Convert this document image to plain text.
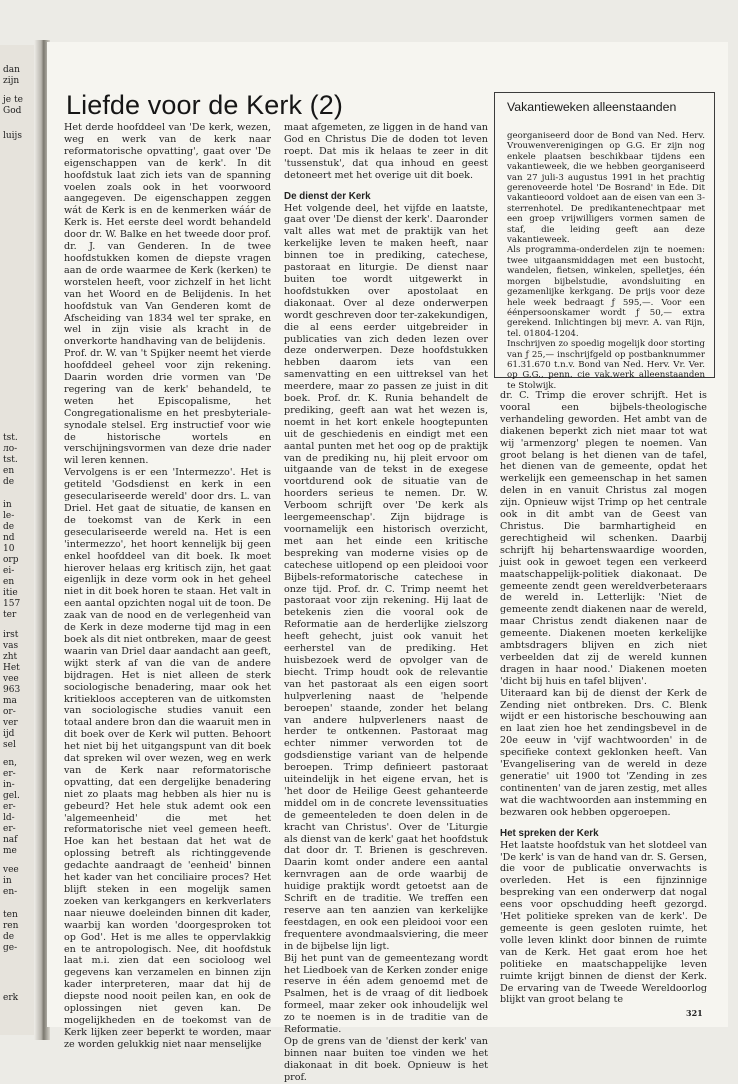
dan
zijn
je te
God
luijs
tst.
ло-
tst.
en
de
in
le-
de
nd
10
orp
ei-
en
itie
157
ter
irst
vas
zht
Het
vee
963
ma
or-
ver
ijd
sel
en,
er-
in-
gel.
er-
ld-
er-
naf
me
vee
in
en-
ten
ren
de
ge-
erk
Liefde voor de Kerk (2)

Het derde hoofddeel van 'De kerk, wezen, weg en werk van de kerk naar reformatorische opvatting', gaat over 'De eigenschappen van de kerk'. In dit hoofdstuk laat zich iets van de spanning voelen zoals ook in het voorwoord aangegeven. De eigenschappen zeggen wát de Kerk is en de kenmerken wáár de Kerk is. Het eerste deel wordt behandeld door dr. W. Balke en het tweede door prof. dr. J. van Genderen. In de twee hoofdstukken komen de diepste vragen aan de orde waarmee de Kerk (kerken) te worstelen heeft, voor zichzelf in het licht van het Woord en de Belijdenis. In het hoofdstuk van Van Genderen komt de Afscheiding van 1834 wel ter sprake, en wel in zijn visie als kracht in de onverkorte handhaving van de belijdenis.

Prof. dr. W. van 't Spijker neemt het vierde hoofddeel geheel voor zijn rekening. Daarin worden drie vormen van 'De regering van de kerk' behandeld, te weten het Episcopalisme, het Congregationalisme en het presbyteriale-synodale stelsel. Erg instructief voor wie de historische wortels en verschijningsvormen van deze drie nader wil leren kennen.

Vervolgens is er een 'Intermezzo'. Het is getiteld 'Godsdienst en kerk in een geseculariseerde wereld' door drs. L. van Driel. Het gaat de situatie, de kansen en de toekomst van de Kerk in een geseculariseerde wereld na. Het is een 'intermezzo', het hoort kennelijk bij geen enkel hoofddeel van dit boek. Ik moet hierover helaas erg kritisch zijn, het gaat eigenlijk in deze vorm ook in het geheel niet in dit boek horen te staan. Het valt in een aantal opzichten nogal uit de toon. De zaak van de nood en de verlegenheid van de Kerk in deze moderne tijd mag in een boek als dit niet ontbreken, maar de geest waarin van Driel daar aandacht aan geeft, wijkt sterk af van die van de andere bijdragen. Het is niet alleen de sterk sociologische benadering, maar ook het kritiekloos accepteren van de uitkomsten van sociologische studies vanuit een totaal andere bron dan die waaruit men in dit boek over de Kerk wil putten. Behoort het niet bij het uitgangspunt van dit boek dat spreken wil over wezen, weg en werk van de Kerk naar reformatorische opvatting, dat een dergelijke benadering niet zo plaats mag hebben als hier nu is gebeurd? Het hele stuk ademt ook een 'algemeenheid' die met het reformatorische niet veel gemeen heeft. Hoe kan het bestaan dat het wat de oplossing betreft als richtinggevende gedachte aandraagt de 'eenheid' binnen het kader van het conciliaire proces? Het blijft steken in een mogelijk samen zoeken van kerkgangers en kerkverlaters naar nieuwe doeleinden binnen dit kader, waarbij kan worden 'doorgesproken tot op God'. Het is me alles te oppervlakkig en te antropologisch. Nee, dit hoofdstuk laat m.i. zien dat een socioloog wel gegevens kan verzamelen en binnen zijn kader interpreteren, maar dat hij de diepste nood nooit peilen kan, en ook de oplossingen niet geven kan. De mogelijkheden en de toekomst van de Kerk lijken zeer beperkt te worden, maar ze worden gelukkig niet naar menselijke

maat afgemeten, ze liggen in de hand van God en Christus Die de doden tot leven roept. Dat mis ik helaas te zeer in dit 'tussenstuk', dat qua inhoud en geest detoneert met het overige uit dit boek.

De dienst der Kerk

Het volgende deel, het vijfde en laatste, gaat over 'De dienst der kerk'. Daaronder valt alles wat met de praktijk van het kerkelijke leven te maken heeft, naar binnen toe in prediking, catechese, pastoraat en liturgie. De dienst naar buiten toe wordt uitgewerkt in hoofdstukken over apostolaat en diakonaat. Over al deze onderwerpen wordt geschreven door ter-zakekundigen, die al eens eerder uitgebreider in publicaties van zich deden lezen over deze onderwerpen. Deze hoofdstukken hebben daarom iets van een samenvatting en een uittreksel van het meerdere, maar zo passen ze juist in dit boek. Prof. dr. K. Runia behandelt de prediking, geeft aan wat het wezen is, noemt in het kort enkele hoogtepunten uit de geschiedenis en eindigt met een aantal punten met het oog op de praktijk van de prediking nu, hij pleit ervoor om uitgaande van de tekst in de exegese voortdurend ook de situatie van de hoorders serieus te nemen. Dr. W. Verboom schrijft over 'De kerk als leergemeenschap'. Zijn bijdrage is voornamelijk een historisch overzicht, met aan het einde een kritische bespreking van moderne visies op de catechese uitlopend op een pleidooi voor Bijbels-reformatorische catechese in onze tijd. Prof. dr. C. Trimp neemt het pastoraat voor zijn rekening. Hij laat de betekenis zien die vooral ook de Reformatie aan de herderlijke zielszorg heeft gehecht, juist ook vanuit het eerherstel van de prediking. Het huisbezoek werd de opvolger van de biecht. Trimp houdt ook de relevantie van het pastoraat als een eigen soort hulpverlening naast de 'helpende beroepen' staande, zonder het belang van andere hulpverleners naast de herder te ontkennen. Pastoraat mag echter nimmer verworden tot de godsdienstige variant van de helpende beroepen. Trimp definieert pastoraat uiteindelijk in het eigene ervan, het is 'het door de Heilige Geest gehanteerde middel om in de concrete levenssituaties de gemeenteleden te doen delen in de kracht van Christus'. Over de 'Liturgie als dienst van de kerk' gaat het hoofdstuk dat door dr. T. Brienen is geschreven. Daarin komt onder andere een aantal kernvragen aan de orde waarbij de huidige praktijk wordt getoetst aan de Schrift en de traditie. We treffen een reserve aan ten aanzien van kerkelijke feestdagen, en ook een pleidooi voor een frequentere avondmaalsviering, die meer in de bijbelse lijn ligt.

Bij het punt van de gemeentezang wordt het Liedboek van de Kerken zonder enige reserve in één adem genoemd met de Psalmen, het is de vraag of dit liedboek formeel, maar zeker ook inhoudelijk wel zo te noemen is in de traditie van de Reformatie.

Op de grens van de 'dienst der kerk' van binnen naar buiten toe vinden we het diakonaat in dit boek. Opnieuw is het prof.

Vakantieweken alleenstaanden

georganiseerd door de Bond van Ned. Herv. Vrouwenverenigingen op G.G. Er zijn nog enkele plaatsen beschikbaar tijdens een vakantieweek, die we hebben georganiseerd van 27 juli-3 augustus 1991 in het prachtig gerenoveerde hotel 'De Bosrand' in Ede. Dit vakantieoord voldoet aan de eisen van een 3-sterrenhotel. De predikantenechtpaar met een groep vrijwilligers vormen samen de staf, die leiding geeft aan deze vakantieweek.

Als programma-onderdelen zijn te noemen: twee uitgaansmiddagen met een bustocht, wandelen, fietsen, winkelen, spelletjes, één morgen bijbelstudie, avondsluiting en gezamenlijke kerkgang. De prijs voor deze hele week bedraagt ƒ 595,—. Voor een éénpersoonskamer wordt ƒ 50,— extra gerekend. Inlichtingen bij mevr. A. van Rijn, tel. 01804-1204.

Inschrijven zo spoedig mogelijk door storting van ƒ 25,— inschrijfgeld op postbanknummer 61.31.670 t.n.v. Bond van Ned. Herv. Vr. Ver. op G.G., penn. cie vak.werk alleenstaanden te Stolwijk.

dr. C. Trimp die erover schrijft. Het is vooral een bijbels-theologische verhandeling geworden. Het ambt van de diakenen beperkt zich niet maar tot wat wij 'armenzorg' plegen te noemen. Van groot belang is het dienen van de tafel, het dienen van de gemeente, opdat het werkelijk een gemeenschap in het samen delen in en vanuit Christus zal mogen zijn. Opnieuw wijst Trimp op het centrale ook in dit ambt van de Geest van Christus. Die barmhartigheid en gerechtigheid wil schenken. Daarbij schrijft hij behartenswaardige woorden, juist ook in gewoet tegen een verkeerd maatschappelijk-politiek diakonaat. De gemeente zendt geen wereldverbeteraars de wereld in. Letterlijk: 'Niet de gemeente zendt diakenen naar de wereld, maar Christus zendt diakenen naar de gemeente. Diakenen moeten kerkelijke ambtsdragers blijven en zich niet verbeelden dat zij de wereld kunnen dragen in haar nood.' Diakenen moeten 'dicht bij huis en tafel blijven'.

Uiteraard kan bij de dienst der Kerk de Zending niet ontbreken. Drs. C. Blenk wijdt er een historische beschouwing aan en laat zien hoe het zendingsbevel in de 20e eeuw in 'vijf wachtwoorden' in de specifieke context geklonken heeft. Van 'Evangelisering van de wereld in deze generatie' uit 1900 tot 'Zending in zes continenten' van de jaren zestig, met alles wat die wachtwoorden aan instemming en bezwaren ook hebben opgeroepen.

Het spreken der Kerk

Het laatste hoofdstuk van het slotdeel van 'De kerk' is van de hand van dr. S. Gersen, die voor de publicatie onverwachts is overleden. Het is een fijnzinnige bespreking van een onderwerp dat nogal eens voor opschudding heeft gezorgd. 'Het politieke spreken van de kerk'. De gemeente is geen gesloten ruimte, het volle leven klinkt door binnen de ruimte van de Kerk. Het gaat erom hoe het politieke en maatschappelijke leven ruimte krijgt binnen de dienst der Kerk. De ervaring van de Tweede Wereldoorlog blijkt van groot belang te

321
